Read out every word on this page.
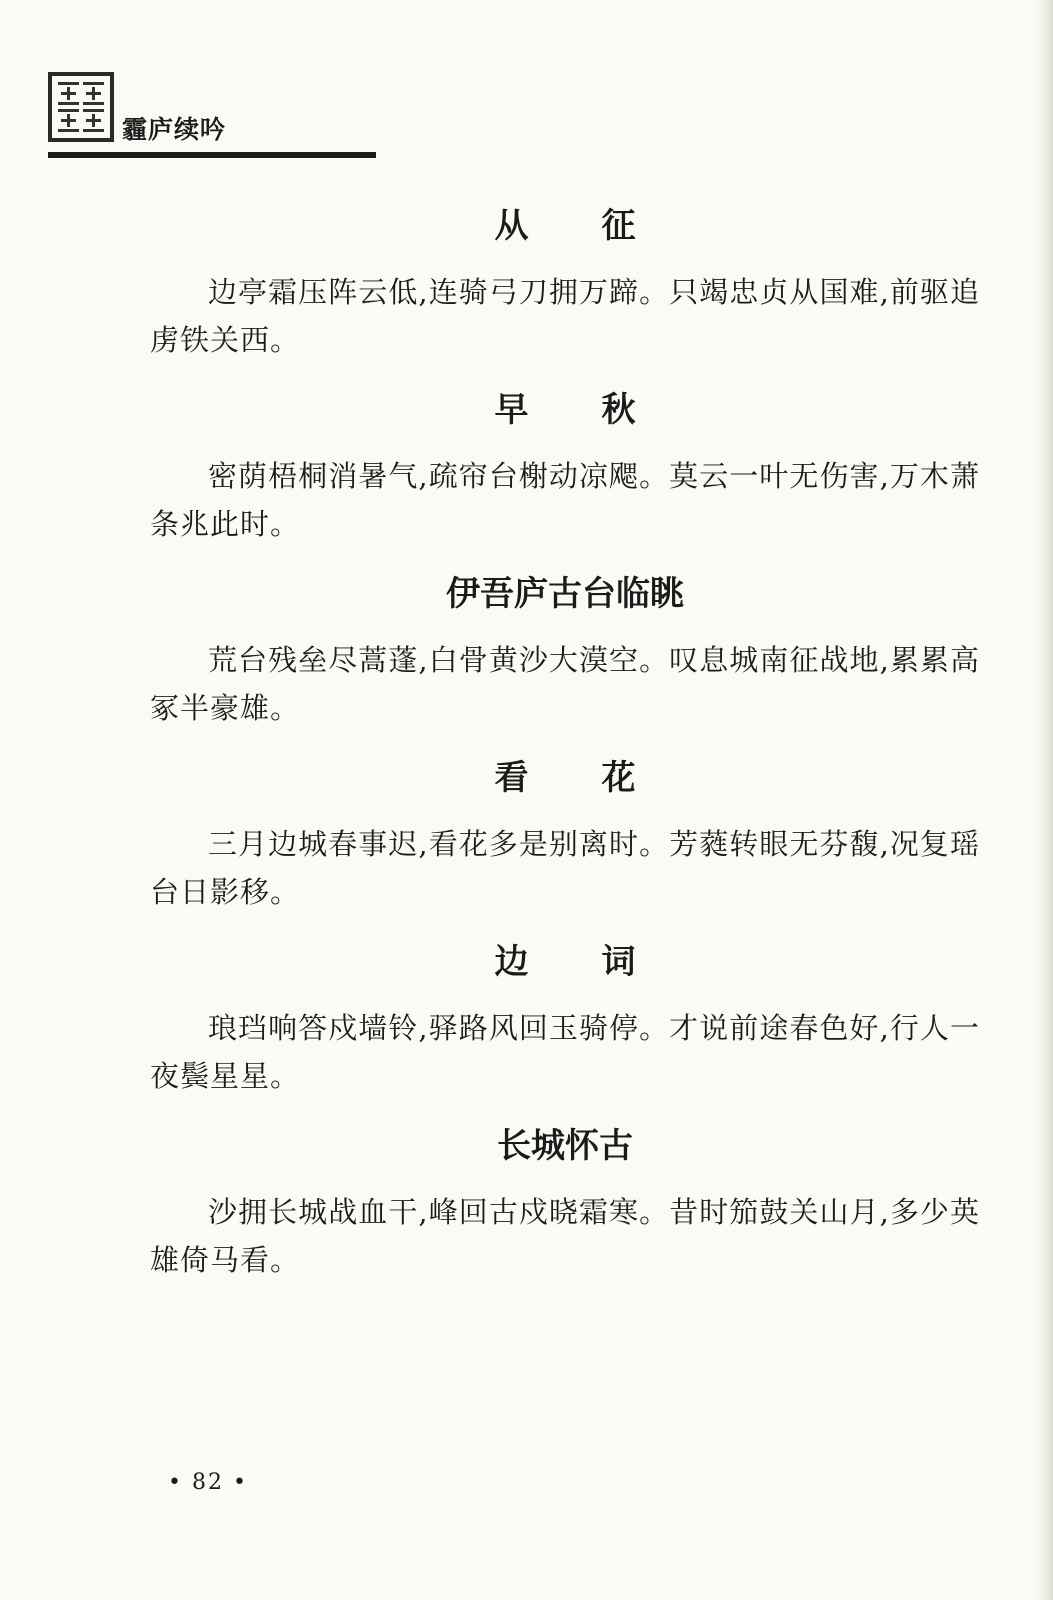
霾庐续吟
从 征

边亭霜压阵云低,连骑弓刀拥万蹄。只竭忠贞从国难,前驱追虏铁关西。

早 秋

密荫梧桐消暑气,疏帘台榭动凉飔。莫云一叶无伤害,万木萧条兆此时。

伊吾庐古台临眺

荒台残垒尽蒿蓬,白骨黄沙大漠空。叹息城南征战地,累累高冢半豪雄。

看 花

三月边城春事迟,看花多是别离时。芳蕤转眼无芬馥,况复瑶台日影移。

边 词

琅珰响答戍墙铃,驿路风回玉骑停。才说前途春色好,行人一夜鬓星星。

长城怀古

沙拥长城战血干,峰回古戍晓霜寒。昔时笳鼓关山月,多少英雄倚马看。

• 82 •
